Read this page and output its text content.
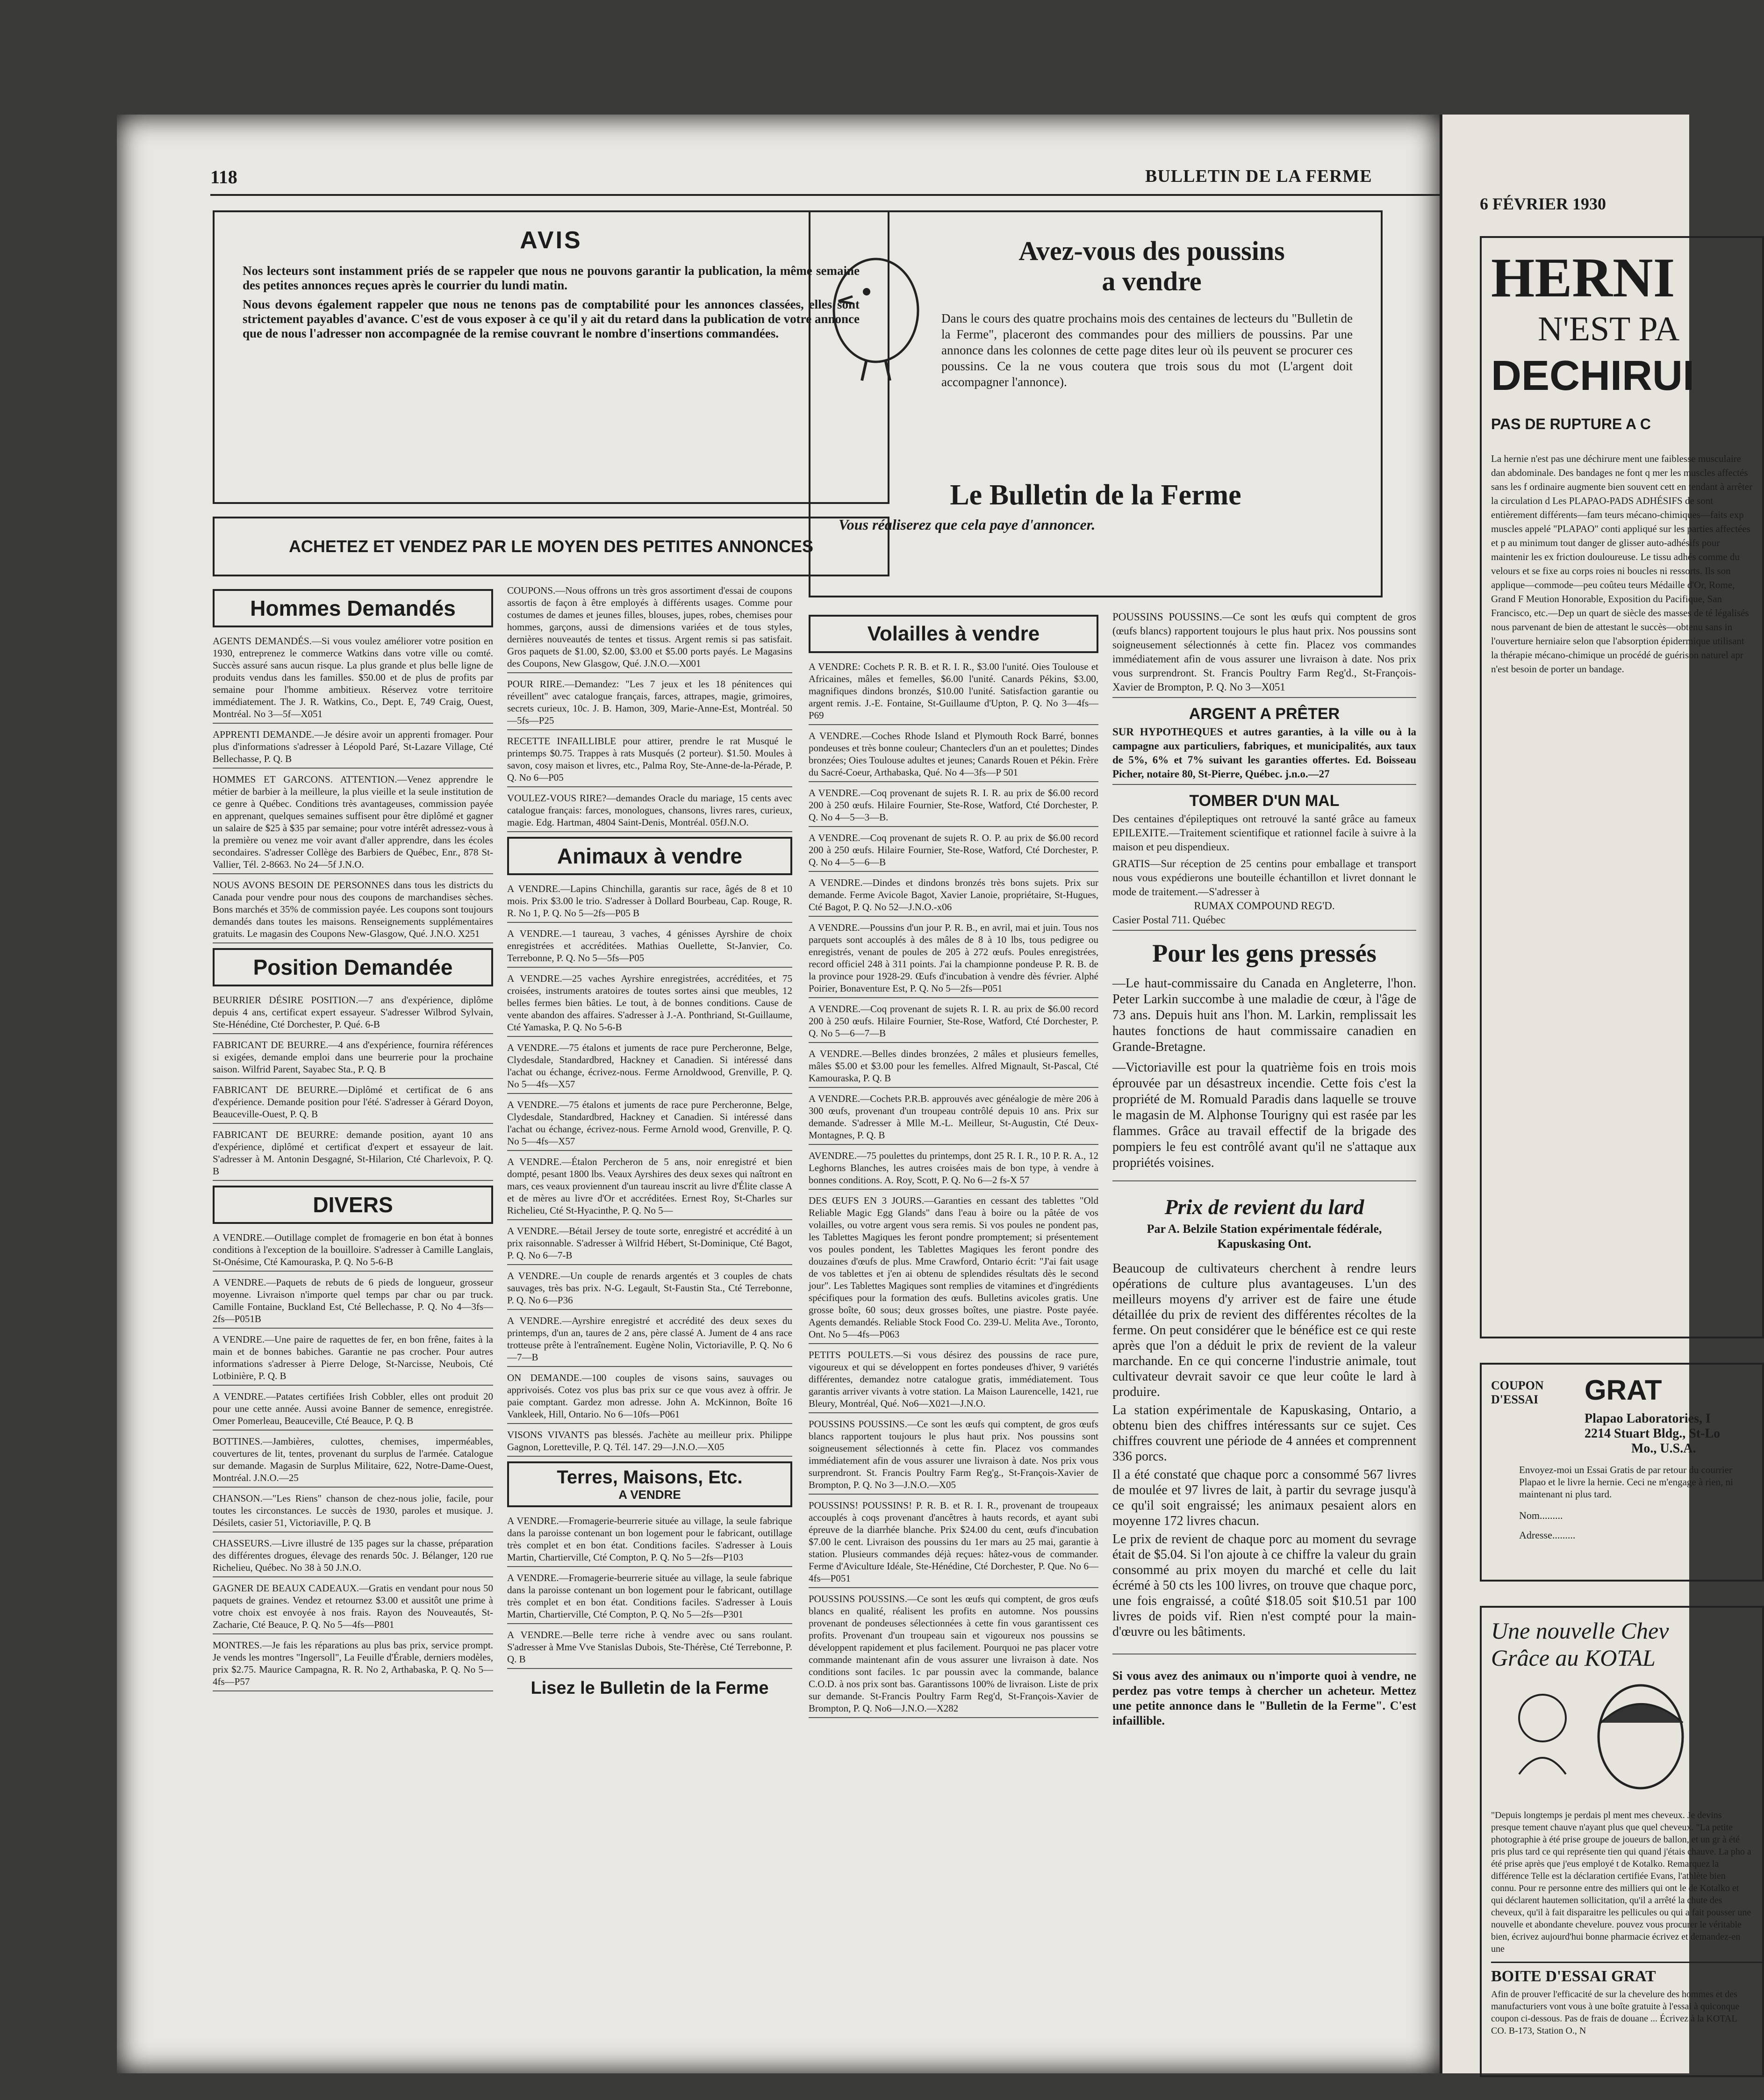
118	BULLETIN DE LA FERME
AVIS
Nos lecteurs sont instamment priés de se rappeler que nous ne pouvons garantir la publication, la même semaine des petites annonces reçues après le courrier du lundi matin.
Nous devons également rappeler que nous ne tenons pas de comptabilité pour les annonces classées, elles sont strictement payables d'avance. C'est de vous exposer à ce qu'il y ait du retard dans la publication de votre annonce que de nous l'adresser non accompagnée de la remise couvrant le nombre d'insertions commandées.
ACHETEZ ET VENDEZ PAR LE MOYEN DES PETITES ANNONCES
Hommes Demandés
AGENTS DEMANDÉS.—Si vous voulez améliorer votre position en 1930, entreprenez le commerce Watkins dans votre ville ou comté. Succès assuré sans aucun risque. La plus grande et plus belle ligne de produits vendus dans les familles. $50.00 et de plus de profits par semaine pour l'homme ambitieux. Réservez votre territoire immédiatement. The J. R. Watkins, Co., Dept. E, 749 Craig, Ouest, Montréal. No 3—5f—X051
APPRENTI DEMANDE.—Je désire avoir un apprenti fromager. Pour plus d'informations s'adresser à Léopold Paré, St-Lazare Village, Cté Bellechasse, P. Q. B
HOMMES ET GARCONS. ATTENTION.—Venez apprendre le métier de barbier à la meilleure, la plus vieille et la seule institution de ce genre à Québec. Conditions très avantageuses, commission payée en apprenant, quelques semaines suffisent pour être diplômé et gagner un salaire de $25 à $35 par semaine; pour votre intérêt adressez-vous à la première ou venez me voir avant d'aller apprendre, dans les écoles secondaires. S'adresser Collège des Barbiers de Québec, Enr., 878 St-Vallier, Tél. 2-8663. No 24—5f J.N.O.
NOUS AVONS BESOIN DE PERSONNES dans tous les districts du Canada pour vendre pour nous des coupons de marchandises sèches. Bons marchés et 35% de commission payée. Les coupons sont toujours demandés dans toutes les maisons. Renseignements supplémentaires gratuits. Le magasin des Coupons New-Glasgow, Qué. J.N.O. X251
Position Demandée
BEURRIER DÉSIRE POSITION.—7 ans d'expérience, diplôme depuis 4 ans, certificat expert essayeur. S'adresser Wilbrod Sylvain, Ste-Hénédine, Cté Dorchester, P. Qué. 6-B
FABRICANT DE BEURRE.—4 ans d'expérience, fournira références si exigées, demande emploi dans une beurrerie pour la prochaine saison. Wilfrid Parent, Sayabec Sta., P. Q. B
FABRICANT DE BEURRE.—Diplômé et certificat de 6 ans d'expérience. Demande position pour l'été. S'adresser à Gérard Doyon, Beauceville-Ouest, P. Q. B
FABRICANT DE BEURRE: demande position, ayant 10 ans d'expérience, diplômé et certificat d'expert et essayeur de lait. S'adresser à M. Antonin Desgagné, St-Hilarion, Cté Charlevoix, P. Q. B
DIVERS
A VENDRE.—Outillage complet de fromagerie en bon état à bonnes conditions à l'exception de la bouilloire. S'adresser à Camille Langlais, St-Onésime, Cté Kamouraska, P. Q. No 5-6-B
A VENDRE.—Paquets de rebuts de 6 pieds de longueur, grosseur moyenne. Livraison n'importe quel temps par char ou par truck. Camille Fontaine, Buckland Est, Cté Bellechasse, P. Q. No 4—3fs—2fs—P051B
A VENDRE.—Une paire de raquettes de fer, en bon frêne, faites à la main et de bonnes babiches. Garantie ne pas crocher. Pour autres informations s'adresser à Pierre Deloge, St-Narcisse, Neubois, Cté Lotbinière, P. Q. B
A VENDRE.—Patates certifiées Irish Cobbler, elles ont produit 20 pour une cette année. Aussi avoine Banner de semence, enregistrée. Omer Pomerleau, Beauceville, Cté Beauce, P. Q. B
BOTTINES.—Jambières, culottes, chemises, imperméables, couvertures de lit, tentes, provenant du surplus de l'armée. Catalogue sur demande. Magasin de Surplus Militaire, 622, Notre-Dame-Ouest, Montréal. J.N.O.—25
CHANSON.—"Les Riens" chanson de chez-nous jolie, facile, pour toutes les circonstances. Le succès de 1930, paroles et musique. J. Désilets, casier 51, Victoriaville, P. Q. B
CHASSEURS.—Livre illustré de 135 pages sur la chasse, préparation des différentes drogues, élevage des renards 50c. J. Bélanger, 120 rue Richelieu, Québec. No 38 à 50 J.N.O.
GAGNER DE BEAUX CADEAUX.—Gratis en vendant pour nous 50 paquets de graines. Vendez et retournez $3.00 et aussitôt une prime à votre choix est envoyée à nos frais. Rayon des Nouveautés, St-Zacharie, Cté Beauce, P. Q. No 5—4fs—P801
MONTRES.—Je fais les réparations au plus bas prix, service prompt. Je vends les montres "Ingersoll", La Feuille d'Érable, derniers modèles, prix $2.75. Maurice Campagna, R. R. No 2, Arthabaska, P. Q. No 5—4fs—P57
COUPONS.—Nous offrons un très gros assortiment d'essai de coupons assortis de façon à être employés à différents usages. Comme pour costumes de dames et jeunes filles, blouses, jupes, robes, chemises pour hommes, garçons, aussi de dimensions variées et de tous styles, dernières nouveautés de tentes et tissus. Argent remis si pas satisfait. Gros paquets de $1.00, $2.00, $3.00 et $5.00 ports payés. Le Magasins des Coupons, New Glasgow, Qué. J.N.O.—X001
POUR RIRE.—Demandez: "Les 7 jeux et les 18 pénitences qui réveillent" avec catalogue français, farces, attrapes, magie, grimoires, secrets curieux, 10c. J. B. Hamon, 309, Marie-Anne-Est, Montréal. 50—5fs—P25
RECETTE INFAILLIBLE pour attirer, prendre le rat Musqué le printemps $0.75. Trappes à rats Musqués (2 porteur). $1.50. Moules à savon, cosy maison et livres, etc., Palma Roy, Ste-Anne-de-la-Pérade, P. Q. No 6—P05
VOULEZ-VOUS RIRE?—demandes Oracle du mariage, 15 cents avec catalogue français: farces, monologues, chansons, livres rares, curieux, magie. Edg. Hartman, 4804 Saint-Denis, Montréal. 05fJ.N.O.
Animaux à vendre
A VENDRE.—Lapins Chinchilla, garantis sur race, âgés de 8 et 10 mois. Prix $3.00 le trio. S'adresser à Dollard Bourbeau, Cap. Rouge, R. R. No 1, P. Q. No 5—2fs—P05 B
A VENDRE.—1 taureau, 3 vaches, 4 génisses Ayrshire de choix enregistrées et accréditées. Mathias Ouellette, St-Janvier, Co. Terrebonne, P. Q. No 5—5fs—P05
A VENDRE.—25 vaches Ayrshire enregistrées, accréditées, et 75 croisées, instruments aratoires de toutes sortes ainsi que meubles, 12 belles fermes bien bâties. Le tout, à de bonnes conditions. Cause de vente abandon des affaires. S'adresser à J.-A. Ponthriand, St-Guillaume, Cté Yamaska, P. Q. No 5-6-B
A VENDRE.—75 étalons et juments de race pure Percheronne, Belge, Clydesdale, Standardbred, Hackney et Canadien. Si intéressé dans l'achat ou échange, écrivez-nous. Ferme Arnoldwood, Grenville, P. Q. No 5—4fs—X57
A VENDRE.—75 étalons et juments de race pure Percheronne, Belge, Clydesdale, Standardbred, Hackney et Canadien. Si intéressé dans l'achat ou échange, écrivez-nous. Ferme Arnold wood, Grenville, P. Q. No 5—4fs—X57
A VENDRE.—Étalon Percheron de 5 ans, noir enregistré et bien dompté, pesant 1800 lbs. Veaux Ayrshires des deux sexes qui naîtront en mars, ces veaux proviennent d'un taureau inscrit au livre d'Élite classe A et de mères au livre d'Or et accréditées. Ernest Roy, St-Charles sur Richelieu, Cté St-Hyacinthe, P. Q. No 5—
A VENDRE.—Bétail Jersey de toute sorte, enregistré et accrédité à un prix raisonnable. S'adresser à Wilfrid Hébert, St-Dominique, Cté Bagot, P. Q. No 6—7-B
A VENDRE.—Un couple de renards argentés et 3 couples de chats sauvages, très bas prix. N-G. Legault, St-Faustin Sta., Cté Terrebonne, P. Q. No 6—P36
A VENDRE.—Ayrshire enregistré et accrédité des deux sexes du printemps, d'un an, taures de 2 ans, père classé A. Jument de 4 ans race trotteuse prête à l'entraînement. Eugène Nolin, Victoriaville, P. Q. No 6—7—B
ON DEMANDE.—100 couples de visons sains, sauvages ou apprivoisés. Cotez vos plus bas prix sur ce que vous avez à offrir. Je paie comptant. Gardez mon adresse. John A. McKinnon, Boîte 16 Vankleek, Hill, Ontario. No 6—10fs—P061
VISONS VIVANTS pas blessés. J'achète au meilleur prix. Philippe Gagnon, Loretteville, P. Q. Tél. 147. 29—J.N.O.—X05
Terres, Maisons, Etc.
A VENDRE
A VENDRE.—Fromagerie-beurrerie située au village, la seule fabrique dans la paroisse contenant un bon logement pour le fabricant, outillage très complet et en bon état. Conditions faciles. S'adresser à Louis Martin, Chartierville, Cté Compton, P. Q. No 5—2fs—P103
A VENDRE.—Fromagerie-beurrerie située au village, la seule fabrique dans la paroisse contenant un bon logement pour le fabricant, outillage très complet et en bon état. Conditions faciles. S'adresser à Louis Martin, Chartierville, Cté Compton, P. Q. No 5—2fs—P301
A VENDRE.—Belle terre riche à vendre avec ou sans roulant. S'adresser à Mme Vve Stanislas Dubois, Ste-Thérèse, Cté Terrebonne, P. Q. B
Lisez le Bulletin de la Ferme
Avez-vous des poussins
a vendre
Dans le cours des quatre prochains mois des centaines de lecteurs du "Bulletin de la Ferme", placeront des commandes pour des milliers de poussins. Par une annonce dans les colonnes de cette page dites leur où ils peuvent se procurer ces poussins. Ce la ne vous coutera que trois sous du mot (L'argent doit accompagner l'annonce).
Le Bulletin de la Ferme
Vous réaliserez que cela paye d'annoncer.
Volailles à vendre
A VENDRE: Cochets P. R. B. et R. I. R., $3.00 l'unité. Oies Toulouse et Africaines, mâles et femelles, $6.00 l'unité. Canards Pékins, $3.00, magnifiques dindons bronzés, $10.00 l'unité. Satisfaction garantie ou argent remis. J.-E. Fontaine, St-Guillaume d'Upton, P. Q. No 3—4fs—P69
A VENDRE.—Coches Rhode Island et Plymouth Rock Barré, bonnes pondeuses et très bonne couleur; Chanteclers d'un an et poulettes; Dindes bronzées; Oies Toulouse adultes et jeunes; Canards Rouen et Pékin. Frère du Sacré-Coeur, Arthabaska, Qué. No 4—3fs—P 501
A VENDRE.—Coq provenant de sujets R. I. R. au prix de $6.00 record 200 à 250 œufs. Hilaire Fournier, Ste-Rose, Watford, Cté Dorchester, P. Q. No 4—5—3—B.
A VENDRE.—Coq provenant de sujets R. O. P. au prix de $6.00 record 200 à 250 œufs. Hilaire Fournier, Ste-Rose, Watford, Cté Dorchester, P. Q. No 4—5—6—B
A VENDRE.—Dindes et dindons bronzés très bons sujets. Prix sur demande. Ferme Avicole Bagot, Xavier Lanoie, propriétaire, St-Hugues, Cté Bagot, P. Q. No 52—J.N.O.-x06
A VENDRE.—Poussins d'un jour P. R. B., en avril, mai et juin. Tous nos parquets sont accouplés à des mâles de 8 à 10 lbs, tous pedigree ou enregistrés, venant de poules de 205 à 272 œufs. Poules enregistrées, record officiel 248 à 311 points. J'ai la championne pondeuse P. R. B. de la province pour 1928-29. Œufs d'incubation à vendre dès février. Alphé Poirier, Bonaventure Est, P. Q. No 5—2fs—P051
A VENDRE.—Coq provenant de sujets R. I. R. au prix de $6.00 record 200 à 250 œufs. Hilaire Fournier, Ste-Rose, Watford, Cté Dorchester, P. Q. No 5—6—7—B
A VENDRE.—Belles dindes bronzées, 2 mâles et plusieurs femelles, mâles $5.00 et $3.00 pour les femelles. Alfred Mignault, St-Pascal, Cté Kamouraska, P. Q. B
A VENDRE.—Cochets P.R.B. approuvés avec généalogie de mère 206 à 300 œufs, provenant d'un troupeau contrôlé depuis 10 ans. Prix sur demande. S'adresser à Mlle M.-L. Meilleur, St-Augustin, Cté Deux-Montagnes, P. Q. B
AVENDRE.—75 poulettes du printemps, dont 25 R. I. R., 10 P. R. A., 12 Leghorns Blanches, les autres croisées mais de bon type, à vendre à bonnes conditions. A. Roy, Scott, P. Q. No 6—2 fs-X 57
DES ŒUFS EN 3 JOURS.—Garanties en cessant des tablettes "Old Reliable Magic Egg Glands" dans l'eau à boire ou la pâtée de vos volailles, ou votre argent vous sera remis. Si vos poules ne pondent pas, les Tablettes Magiques les feront pondre promptement; si présentement vos poules pondent, les Tablettes Magiques les feront pondre des douzaines d'œufs de plus. Mme Crawford, Ontario écrit: "J'ai fait usage de vos tablettes et j'en ai obtenu de splendides résultats dès le second jour". Les Tablettes Magiques sont remplies de vitamines et d'ingrédients spécifiques pour la formation des œufs. Bulletins avicoles gratis. Une grosse boîte, 60 sous; deux grosses boîtes, une piastre. Poste payée. Agents demandés. Reliable Stock Food Co. 239-U. Melita Ave., Toronto, Ont. No 5—4fs—P063
PETITS POULETS.—Si vous désirez des poussins de race pure, vigoureux et qui se développent en fortes pondeuses d'hiver, 9 variétés différentes, demandez notre catalogue gratis, immédiatement. Tous garantis arriver vivants à votre station. La Maison Laurencelle, 1421, rue Bleury, Montréal, Qué. No6—X021—J.N.O.
POUSSINS POUSSINS.—Ce sont les œufs qui comptent, de gros œufs blancs rapportent toujours le plus haut prix. Nos poussins sont soigneusement sélectionnés à cette fin. Placez vos commandes immédiatement afin de vous assurer une livraison à date. Nos prix vous surprendront. St. Francis Poultry Farm Reg'g., St-François-Xavier de Brompton, P. Q. No 3—J.N.O.—X05
POUSSINS! POUSSINS! P. R. B. et R. I. R., provenant de troupeaux accouplés à coqs provenant d'ancêtres à hauts records, et ayant subi épreuve de la diarrhée blanche. Prix $24.00 du cent, œufs d'incubation $7.00 le cent. Livraison des poussins du 1er mars au 25 mai, garantie à station. Plusieurs commandes déjà reçues: hâtez-vous de commander. Ferme d'Aviculture Idéale, Ste-Hénédine, Cté Dorchester, P. Que. No 6—4fs—P051
POUSSINS POUSSINS.—Ce sont les œufs qui comptent, de gros œufs blancs en qualité, réalisent les profits en automne. Nos poussins provenant de pondeuses sélectionnées à cette fin vous garantissent ces profits. Provenant d'un troupeau sain et vigoureux nos poussins se développent rapidement et plus facilement. Pourquoi ne pas placer votre commande maintenant afin de vous assurer une livraison à date. Nos conditions sont faciles. 1c par poussin avec la commande, balance C.O.D. à nos prix sont bas. Garantissons 100% de livraison. Liste de prix sur demande. St-Francis Poultry Farm Reg'd, St-François-Xavier de Brompton, P. Q. No6—J.N.O.—X282
POUSSINS POUSSINS.—Ce sont les œufs qui comptent de gros (œufs blancs) rapportent toujours le plus haut prix. Nos poussins sont soigneusement sélectionnés à cette fin. Placez vos commandes immédiatement afin de vous assurer une livraison à date. Nos prix vous surprendront. St. Francis Poultry Farm Reg'd., St-François-Xavier de Brompton, P. Q. No 3—X051
ARGENT A PRÊTER
SUR HYPOTHEQUES et autres garanties, à la ville ou à la campagne aux particuliers, fabriques, et municipalités, aux taux de 5%, 6% et 7% suivant les garanties offertes. Ed. Boisseau Picher, notaire 80, St-Pierre, Québec. j.n.o.—27
TOMBER D'UN MAL
Des centaines d'épileptiques ont retrouvé la santé grâce au fameux EPILEXITE.—Traitement scientifique et rationnel facile à suivre à la maison et peu dispendieux.
GRATIS—Sur réception de 25 centins pour emballage et transport nous vous expédierons une bouteille échantillon et livret donnant le mode de traitement.—S'adresser à
RUMAX COMPOUND REG'D.
Casier Postal 711. Québec
Pour les gens pressés
—Le haut-commissaire du Canada en Angleterre, l'hon. Peter Larkin succombe à une maladie de cœur, à l'âge de 73 ans. Depuis huit ans l'hon. M. Larkin, remplissait les hautes fonctions de haut commissaire canadien en Grande-Bretagne.
—Victoriaville est pour la quatrième fois en trois mois éprouvée par un désastreux incendie. Cette fois c'est la propriété de M. Romuald Paradis dans laquelle se trouve le magasin de M. Alphonse Tourigny qui est rasée par les flammes. Grâce au travail effectif de la brigade des pompiers le feu est contrôlé avant qu'il ne s'attaque aux propriétés voisines.
Prix de revient du lard
Par A. Belzile Station expérimentale fédérale, Kapuskasing Ont.
Beaucoup de cultivateurs cherchent à rendre leurs opérations de culture plus avantageuses. L'un des meilleurs moyens d'y arriver est de faire une étude détaillée du prix de revient des différentes récoltes de la ferme. On peut considérer que le bénéfice est ce qui reste après que l'on a déduit le prix de revient de la valeur marchande. En ce qui concerne l'industrie animale, tout cultivateur devrait savoir ce que leur coûte le lard à produire.
La station expérimentale de Kapuskasing, Ontario, a obtenu bien des chiffres intéressants sur ce sujet. Ces chiffres couvrent une période de 4 années et comprennent 336 porcs.
Il a été constaté que chaque porc a consommé 567 livres de moulée et 97 livres de lait, à partir du sevrage jusqu'à ce qu'il soit engraissé; les animaux pesaient alors en moyenne 172 livres chacun.
Le prix de revient de chaque porc au moment du sevrage était de $5.04. Si l'on ajoute à ce chiffre la valeur du grain consommé au prix moyen du marché et celle du lait écrémé à 50 cts les 100 livres, on trouve que chaque porc, une fois engraissé, a coûté $18.05 soit $10.51 par 100 livres de poids vif. Rien n'est compté pour la main-d'œuvre ou les bâtiments.
Si vous avez des animaux ou n'importe quoi à vendre, ne perdez pas votre temps à chercher un acheteur. Mettez une petite annonce dans le "Bulletin de la Ferme". C'est infaillible.
6 FÉVRIER 1930
HERNI
N'EST PA
DECHIRUI
PAS DE RUPTURE A C
La hernie n'est pas une déchirure ment une faiblesse musculaire dan abdominale. Des bandages ne font q mer les muscles affectés sans les f ordinaire augmente bien souvent cett en tendant à arrêter la circulation d Les PLAPAO-PADS ADHÉSIFS de sont entièrement différents—fam teurs mécano-chimiques—faits exp muscles appelé "PLAPAO" conti appliqué sur les parties affectées et p au minimum tout danger de glisser auto-adhésifs pour maintenir les ex friction douloureuse. Le tissu adhés comme du velours et se fixe au corps roies ni boucles ni ressorts. Ils son applique—commode—peu coûteu teurs Médaille d'Or, Rome, Grand F Meution Honorable, Exposition du Pacifique, San Francisco, etc.—Dep un quart de siècle des masses de té légalisés nous parvenant de bien de attestant le succès—obtenu sans in l'ouverture herniaire selon que l'absorption épidermique utilisant la thérapie mécano-chimique un procédé de guérison naturel apr n'est besoin de porter un bandage.
COUPON
D'ESSAI	GRAT
Plapao Laboratories, I
2214 Stuart Bldg., St-Lo
Mo., U.S.A.
Envoyez-moi un Essai Gratis de par retour du courrier Plapao et le livre la hernie. Ceci ne m'engage à rien, ni maintenant ni plus tard.
Nom.........
Adresse.........
Une nouvelle Chev
Grâce au KOTAL
"Depuis longtemps je perdais pl ment mes cheveux. Je devins presque tement chauve n'ayant plus que quel cheveux. "La petite photographie à été prise groupe de joueurs de ballon, et un gr à été pris plus tard ce qui représente tien qui quand j'étais chauve. La pho a été prise après que j'eus employé t de Kotalko. Remarquez la différence Telle est la déclaration certifiée Evans, l'athlète bien connu. Pour re personne entre des milliers qui ont le de Kotalko et qui déclarent hautemen sollicitation, qu'il a arrêté la chute des cheveux, qu'il à fait disparaitre les pellicules ou qui a fait pousser une nouvelle et abondante chevelure. pouvez vous procurer le véritable bien, écrivez aujourd'hui bonne pharmacie écrivez et demandez-en une
BOITE D'ESSAI GRAT
Afin de prouver l'efficacité de sur la chevelure des hommes et des manufacturiers vont vous à une boîte gratuite à l'essai à quiconque coupon ci-dessous. Pas de frais de douane ... Écrivez à la KOTAL CO. B-173, Station O., N
